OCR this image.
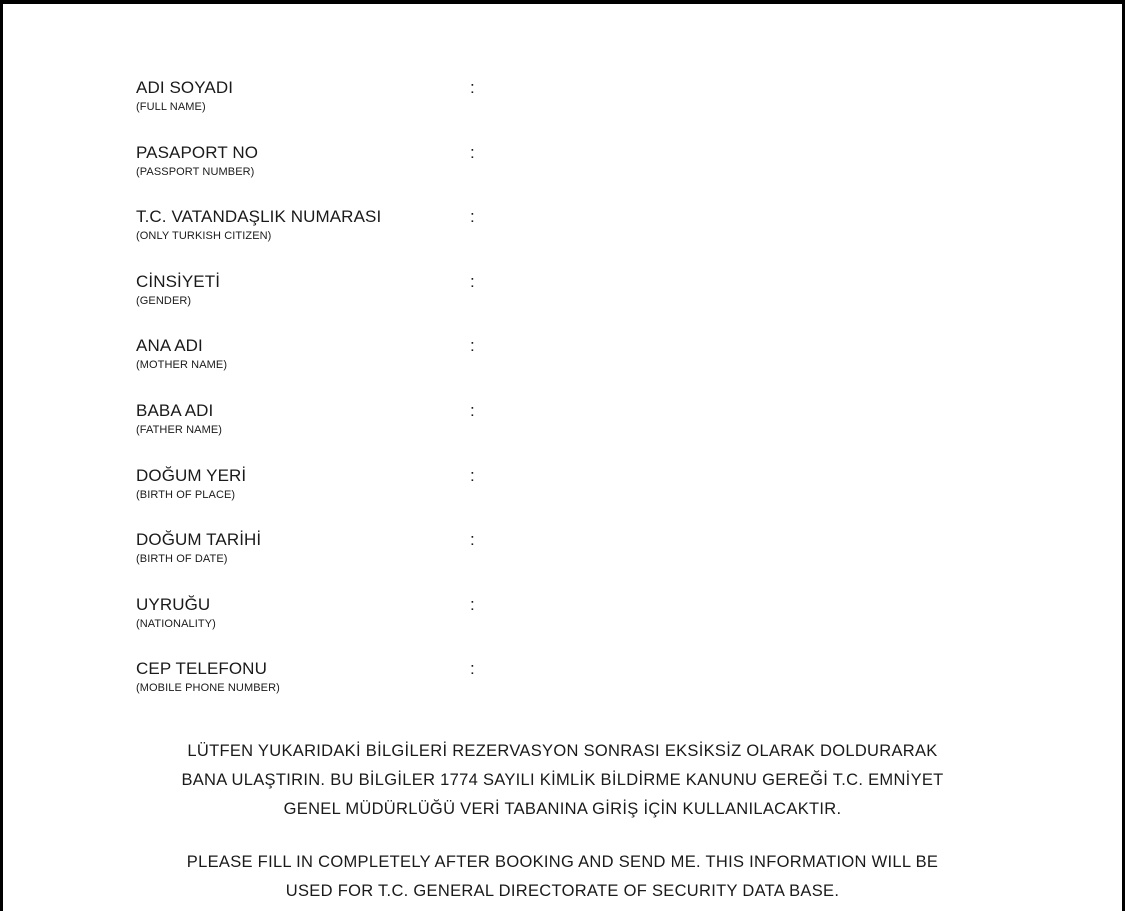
ADI SOYADI
(FULL NAME)
:
PASAPORT NO
(PASSPORT NUMBER)
:
T.C. VATANDAŞLIK NUMARASI
(ONLY TURKISH CITIZEN)
:
CİNSİYETİ
(GENDER)
:
ANA ADI
(MOTHER NAME)
:
BABA ADI
(FATHER NAME)
:
DOĞUM YERİ
(BIRTH OF PLACE)
:
DOĞUM TARİHİ
(BIRTH OF DATE)
:
UYRUĞU
(NATIONALITY)
:
CEP TELEFONU
(MOBILE PHONE NUMBER)
:
LÜTFEN YUKARIDAKİ BİLGİLERİ REZERVASYON SONRASI EKSİKSİZ OLARAK DOLDURARAK
BANA ULAŞTIRIN. BU BİLGİLER 1774 SAYILI KİMLİK BİLDİRME KANUNU GEREĞİ T.C. EMNİYET
GENEL MÜDÜRLÜĞÜ VERİ TABANINA GİRİŞ İÇİN KULLANILACAKTIR.
PLEASE FILL IN COMPLETELY AFTER BOOKING AND SEND ME. THIS INFORMATION WILL BE
USED FOR T.C. GENERAL DIRECTORATE OF SECURITY DATA BASE.
